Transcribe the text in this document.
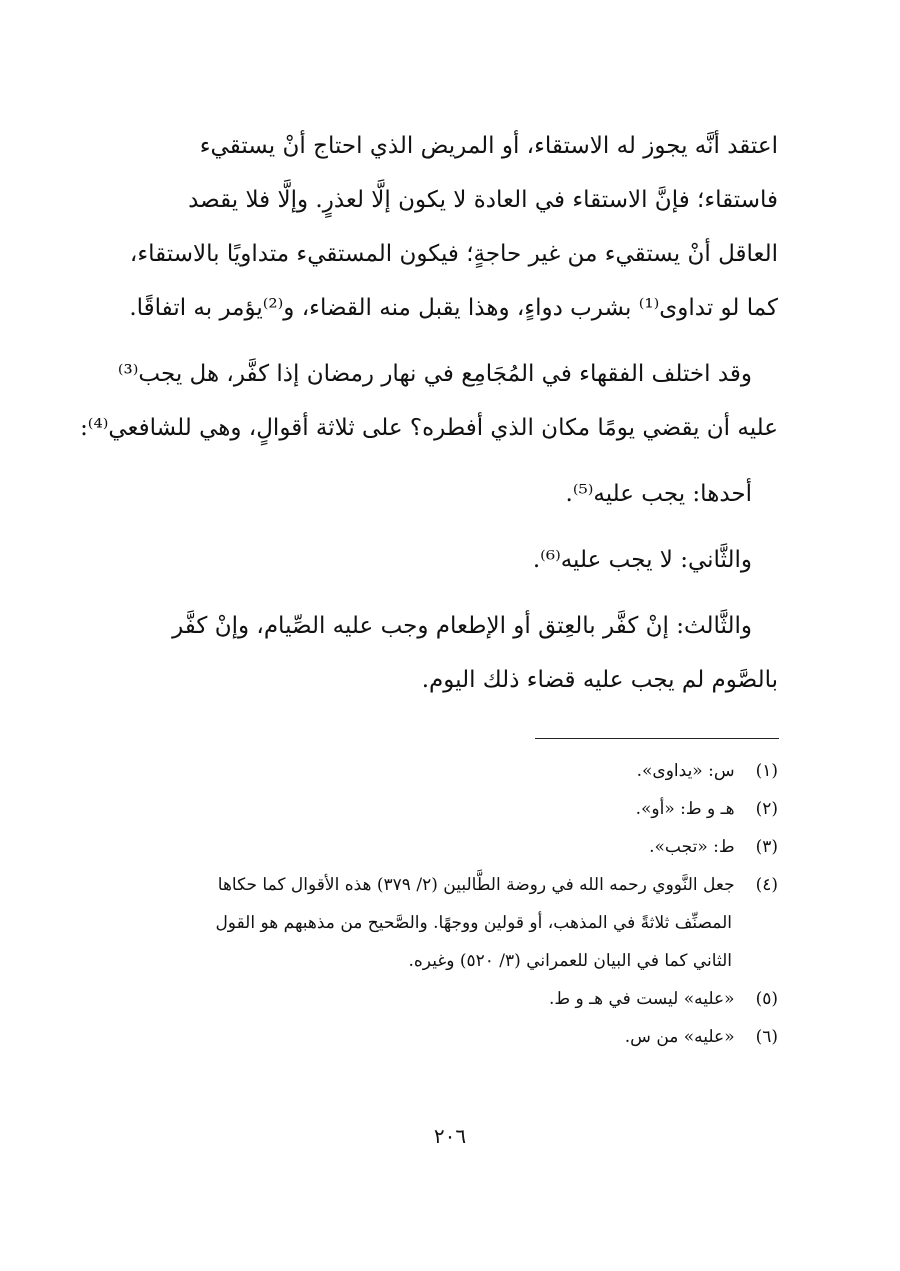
اعتقد أنَّه يجوز له الاستقاء، أو المريض الذي احتاج أنْ يستقيء
فاستقاء؛ فإنَّ الاستقاء في العادة لا يكون إلَّا لعذرٍ. وإلَّا فلا يقصد
العاقل أنْ يستقيء من غير حاجةٍ؛ فيكون المستقيء متداويًا بالاستقاء،
كما لو تداوى⁽¹⁾ بشرب دواءٍ، وهذا يقبل منه القضاء، و⁽²⁾يؤمر به اتفاقًا.
وقد اختلف الفقهاء في المُجَامِع في نهار رمضان إذا كفَّر، هل يجب⁽³⁾
عليه أن يقضي يومًا مكان الذي أفطره؟ على ثلاثة أقوالٍ، وهي للشافعي⁽⁴⁾:
أحدها: يجب عليه⁽⁵⁾.
والثَّاني: لا يجب عليه⁽⁶⁾.
والثَّالث: إنْ كفَّر بالعِتق أو الإطعام وجب عليه الصِّيام، وإنْ كفَّر
بالصَّوم لم يجب عليه قضاء ذلك اليوم.
(١) س: «يداوى».
(٢) هـ و ط: «أو».
(٣) ط: «تجب».
(٤) جعل النَّووي رحمه الله في روضة الطَّالبين (٢/ ٣٧٩) هذه الأقوال كما حكاها
المصنِّف ثلاثةً في المذهب، أو قولين ووجهًا. والصَّحيح من مذهبهم هو القول
الثاني كما في البيان للعمراني (٣/ ٥٢٠) وغيره.
(٥) «عليه» ليست في هـ و ط.
(٦) «عليه» من س.
٢٠٦
